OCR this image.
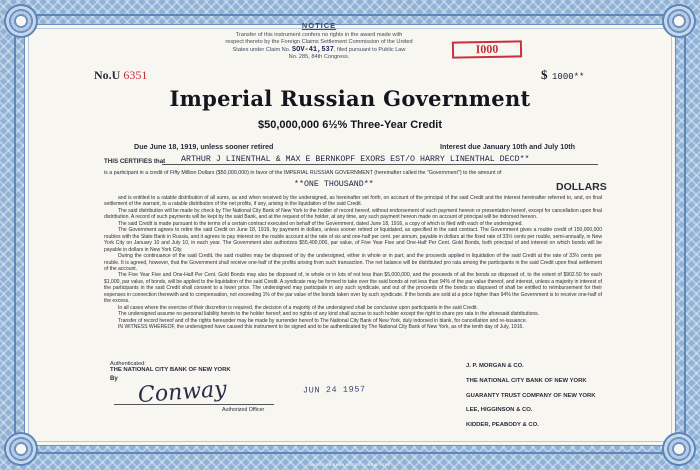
NOTICE
Transfer of this instrument confers no rights in the award made with
respect thereto by the Foreign Claims Settlement Commission of the United
States under Claim No. SOV-41,537, filed pursuant to Public Law
No. 285, 84th Congress.
I000
$ 1000**
No.U 6351
Imperial Russian Government
$50,000,000 6½% Three-Year Credit
Due June 18, 1919, unless sooner retired	Interest due January 10th and July 10th
THIS CERTIFIES that ARTHUR J LINENTHAL & MAX E BERNKOPF EXORS EST/O HARRY LINENTHAL DECD**
is a participant in a credit of Fifty Million Dollars ($50,000,000) in favor of the IMPERIAL RUSSIAN GOVERNMENT (hereinafter called the "Government") to the amount of
**ONE THOUSAND**	DOLLARS

and is entitled to a ratable distribution of all sums, as and when received by the undersigned, as hereinafter set forth, on account of the principal of the said Credit and the interest hereinafter referred to, and, on final settlement of the warrant, to a ratable distribution of the net profits, if any, arising in the liquidation of the said Credit.

The said distribution will be made by check by The National City Bank of New York to the holder of record hereof, without endorsement of such payment hereon or presentation hereof, except for cancellation upon final distribution. A record of such payments will be kept by the said Bank, and at the request of the holder, at any time, any such payment hereon made on account of principal will be indorsed hereon.

The said Credit is made pursuant to the terms of a certain contract executed on behalf of the Government, dated June 18, 1916, a copy of which is filed with each of the undersigned.

The Government agrees to retire the said Credit on June 18, 1919, by payment in dollars, unless sooner retired or liquidated, as specified in the said contract. The Government gives a rouble credit of 150,000,000 roubles with the State Bank in Russia, and it agrees to pay interest on the rouble account at the rate of six and one-half per cent. per annum, payable in dollars at the fixed rate of 33⅓ cents per rouble, semi-annually, in New York City on January 10 and July 10, in each year. The Government also authorizes $55,400,000, par value, of Five Year Five and One-Half Per Cent. Gold Bonds, both principal of and interest on which bonds will be payable in dollars in New York City.

During the continuance of the said Credit, the said roubles may be disposed of by the undersigned, either in whole or in part, and the proceeds applied in liquidation of the said Credit at the rate of 33⅓ cents per rouble. It is agreed, however, that the Government shall receive one-half of the profits arising from such transaction. The net balance will be distributed pro rata among the participants in the said Credit upon final settlement of the account.

The Five Year Five and One-Half Per Cent. Gold Bonds may also be disposed of, in whole or in lots of not less than $5,000,000, and the proceeds of all the bonds so disposed of, to the extent of $902.50 for each $1,000, par value, of bonds, will be applied to the liquidation of the said Credit. A syndicate may be formed to take over the said bonds at not less than 94% of the par value thereof, and interest, unless a majority in interest of the participants in the said Credit shall consent to a lower price. The undersigned may participate in any such syndicate, and out of the proceeds of the bonds so disposed of shall be entitled to reimbursement for their expenses in connection therewith and to compensation, not exceeding 1% of the par value of the bonds taken over by such syndicate. If the bonds are sold at a price higher than 94% the Government is to receive one-half of the excess.

In all cases where the exercise of their discretion is required, the decision of a majority of the undersigned shall be conclusive upon participants in the said Credit.

The undersigned assume no personal liability herein to the holder hereof; and no rights of any kind shall accrue to such holder except the right to share pro rata in the aforesaid distributions.

Transfer of record hereof and of the rights hereunder may be made by surrender hereof to The National City Bank of New York, duly indorsed in blank, for cancellation and re-issuance.

IN WITNESS WHEREOF, the undersigned have caused this instrument to be signed and to be authenticated by The National City Bank of New York, as of the tenth day of July, 1916.

Authenticated:
THE NATIONAL CITY BANK OF NEW YORK
By Conway
Authorized Officer
JUN 24 1957
J. P. MORGAN & CO.
THE NATIONAL CITY BANK OF NEW YORK
GUARANTY TRUST COMPANY OF NEW YORK
LEE, HIGGINSON & CO.
KIDDER, PEABODY & CO.
AMERICAN BANK NOTE CO. NEW YORK
